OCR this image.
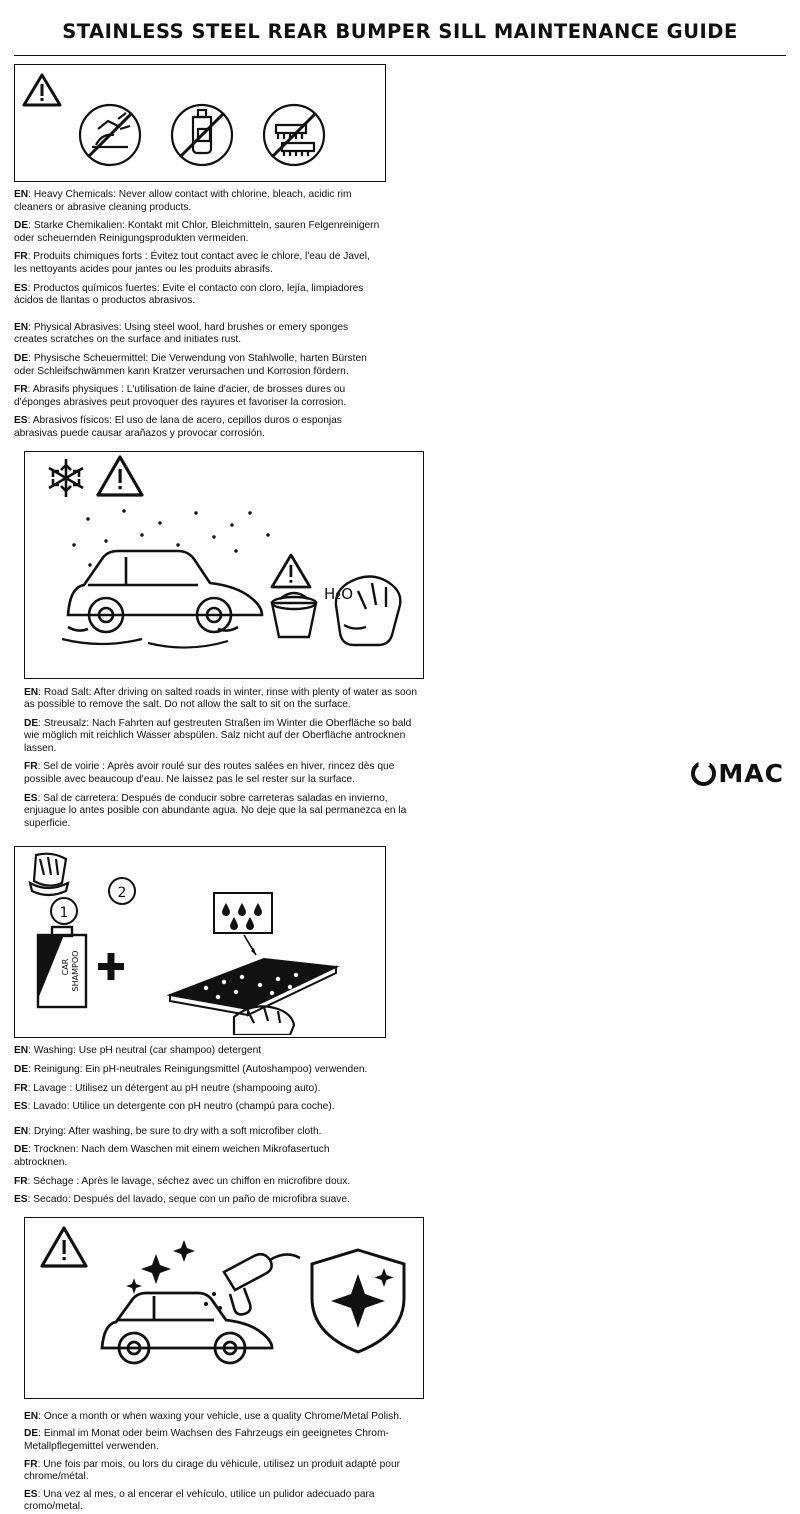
STAINLESS STEEL REAR BUMPER SILL MAINTENANCE GUIDE

EN: Heavy Chemicals: Never allow contact with chlorine, bleach, acidic rim cleaners or abrasive cleaning products.

DE: Starke Chemikalien: Kontakt mit Chlor, Bleichmitteln, sauren Felgenreinigern oder scheuernden Reinigungsprodukten vermeiden.

FR: Produits chimiques forts : Évitez tout contact avec le chlore, l'eau de Javel, les nettoyants acides pour jantes ou les produits abrasifs.

ES: Productos químicos fuertes: Evite el contacto con cloro, lejía, limpiadores ácidos de llantas o productos abrasivos.

EN: Physical Abrasives: Using steel wool, hard brushes or emery sponges creates scratches on the surface and initiates rust.

DE: Physische Scheuermittel: Die Verwendung von Stahlwolle, harten Bürsten oder Schleifschwämmen kann Kratzer verursachen und Korrosion fördern.

FR: Abrasifs physiques : L'utilisation de laine d'acier, de brosses dures ou d'éponges abrasives peut provoquer des rayures et favoriser la corrosion.

ES: Abrasivos físicos: El uso de lana de acero, cepillos duros o esponjas abrasivas puede causar arañazos y provocar corrosión.

H₂O

EN: Road Salt: After driving on salted roads in winter, rinse with plenty of water as soon as possible to remove the salt. Do not allow the salt to sit on the surface.

DE: Streusalz: Nach Fahrten auf gestreuten Straßen im Winter die Oberfläche so bald wie möglich mit reichlich Wasser abspülen. Salz nicht auf der Oberfläche antrocknen lassen.

FR: Sel de voirie : Après avoir roulé sur des routes salées en hiver, rincez dès que possible avec beaucoup d'eau. Ne laissez pas le sel rester sur la surface.

ES: Sal de carretera: Después de conducir sobre carreteras saladas en invierno, enjuague lo antes posible con abundante agua. No deje que la sal permanezca en la superficie.

1
2
CAR SHAMPOO

EN: Washing: Use pH neutral (car shampoo) detergent

DE: Reinigung: Ein pH-neutrales Reinigungsmittel (Autoshampoo) verwenden.

FR: Lavage : Utilisez un détergent au pH neutre (shampooing auto).

ES: Lavado: Utilice un detergente con pH neutro (champú para coche).

EN: Drying: After washing, be sure to dry with a soft microfiber cloth.

DE: Trocknen: Nach dem Waschen mit einem weichen Mikrofasertuch abtrocknen.

FR: Séchage : Après le lavage, séchez avec un chiffon en microfibre doux.

ES: Secado: Después del lavado, seque con un paño de microfibra suave.

EN: Once a month or when waxing your vehicle, use a quality Chrome/Metal Polish.

DE: Einmal im Monat oder beim Wachsen des Fahrzeugs ein geeignetes Chrom-Metallpflegemittel verwenden.

FR: Une fois par mois, ou lors du cirage du véhicule, utilisez un produit adapté pour chrome/métal.

ES: Una vez al mes, o al encerar el vehículo, utilice un pulidor adecuado para cromo/metal.

MAC
